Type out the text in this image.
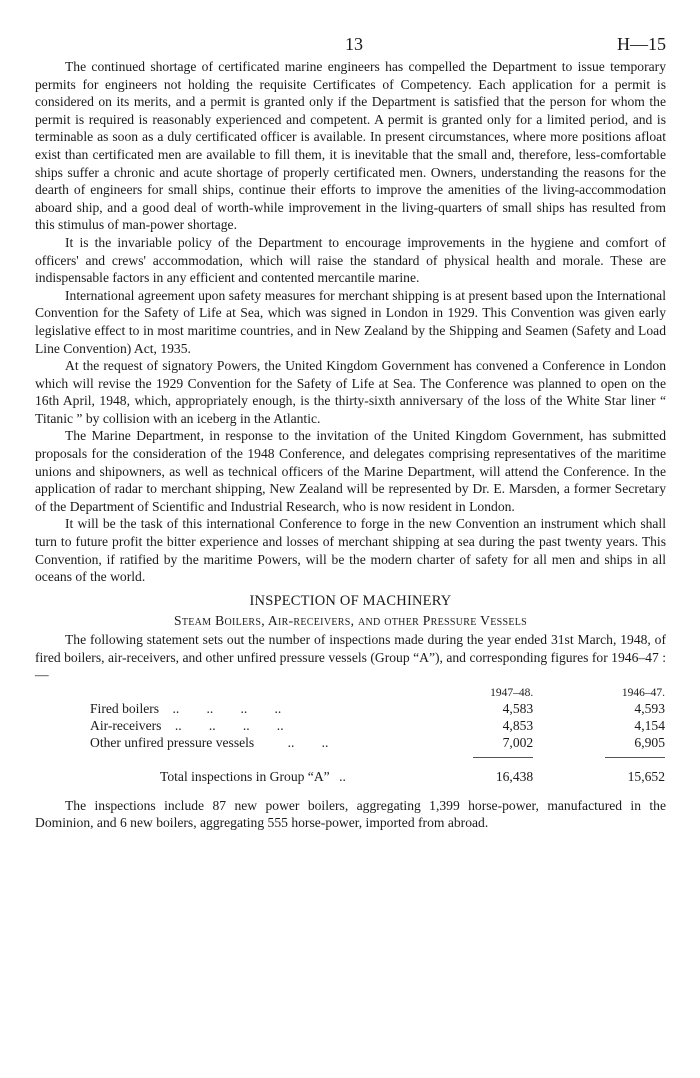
13	H—15

The continued shortage of certificated marine engineers has compelled the Department to issue temporary permits for engineers not holding the requisite Certificates of Competency. Each application for a permit is considered on its merits, and a permit is granted only if the Department is satisfied that the person for whom the permit is required is reasonably experienced and competent. A permit is granted only for a limited period, and is terminable as soon as a duly certificated officer is available. In present circumstances, where more positions afloat exist than certificated men are available to fill them, it is inevitable that the small and, therefore, less-comfortable ships suffer a chronic and acute shortage of properly certificated men. Owners, understanding the reasons for the dearth of engineers for small ships, continue their efforts to improve the amenities of the living-accommodation aboard ship, and a good deal of worth-while improvement in the living-quarters of small ships has resulted from this stimulus of man-power shortage.

It is the invariable policy of the Department to encourage improvements in the hygiene and comfort of officers' and crews' accommodation, which will raise the standard of physical health and morale. These are indispensable factors in any efficient and contented mercantile marine.

International agreement upon safety measures for merchant shipping is at present based upon the International Convention for the Safety of Life at Sea, which was signed in London in 1929. This Convention was given early legislative effect to in most maritime countries, and in New Zealand by the Shipping and Seamen (Safety and Load Line Convention) Act, 1935.

At the request of signatory Powers, the United Kingdom Government has convened a Conference in London which will revise the 1929 Convention for the Safety of Life at Sea. The Conference was planned to open on the 16th April, 1948, which, appropriately enough, is the thirty-sixth anniversary of the loss of the White Star liner “ Titanic ” by collision with an iceberg in the Atlantic.

The Marine Department, in response to the invitation of the United Kingdom Government, has submitted proposals for the consideration of the 1948 Conference, and delegates comprising representatives of the maritime unions and shipowners, as well as technical officers of the Marine Department, will attend the Conference. In the application of radar to merchant shipping, New Zealand will be represented by Dr. E. Marsden, a former Secretary of the Department of Scientific and Industrial Research, who is now resident in London.

It will be the task of this international Conference to forge in the new Convention an instrument which shall turn to future profit the bitter experience and losses of merchant shipping at sea during the past twenty years. This Convention, if ratified by the maritime Powers, will be the modern charter of safety for all men and ships in all oceans of the world.

INSPECTION OF MACHINERY
Steam Boilers, Air-receivers, and other Pressure Vessels

The following statement sets out the number of inspections made during the year ended 31st March, 1948, of fired boilers, air-receivers, and other unfired pressure vessels (Group “A”), and corresponding figures for 1946–47 :—

	1947–48.	1946–47.
Fired boilers ..        ..        ..        ..	4,583	4,593
Air-receivers ..        ..        ..        ..	4,853	4,154
Other unfired pressure vessels ..        ..	7,002	6,905

Total inspections in Group “A” ..	16,438	15,652

The inspections include 87 new power boilers, aggregating 1,399 horse-power, manufactured in the Dominion, and 6 new boilers, aggregating 555 horse-power, imported from abroad.
